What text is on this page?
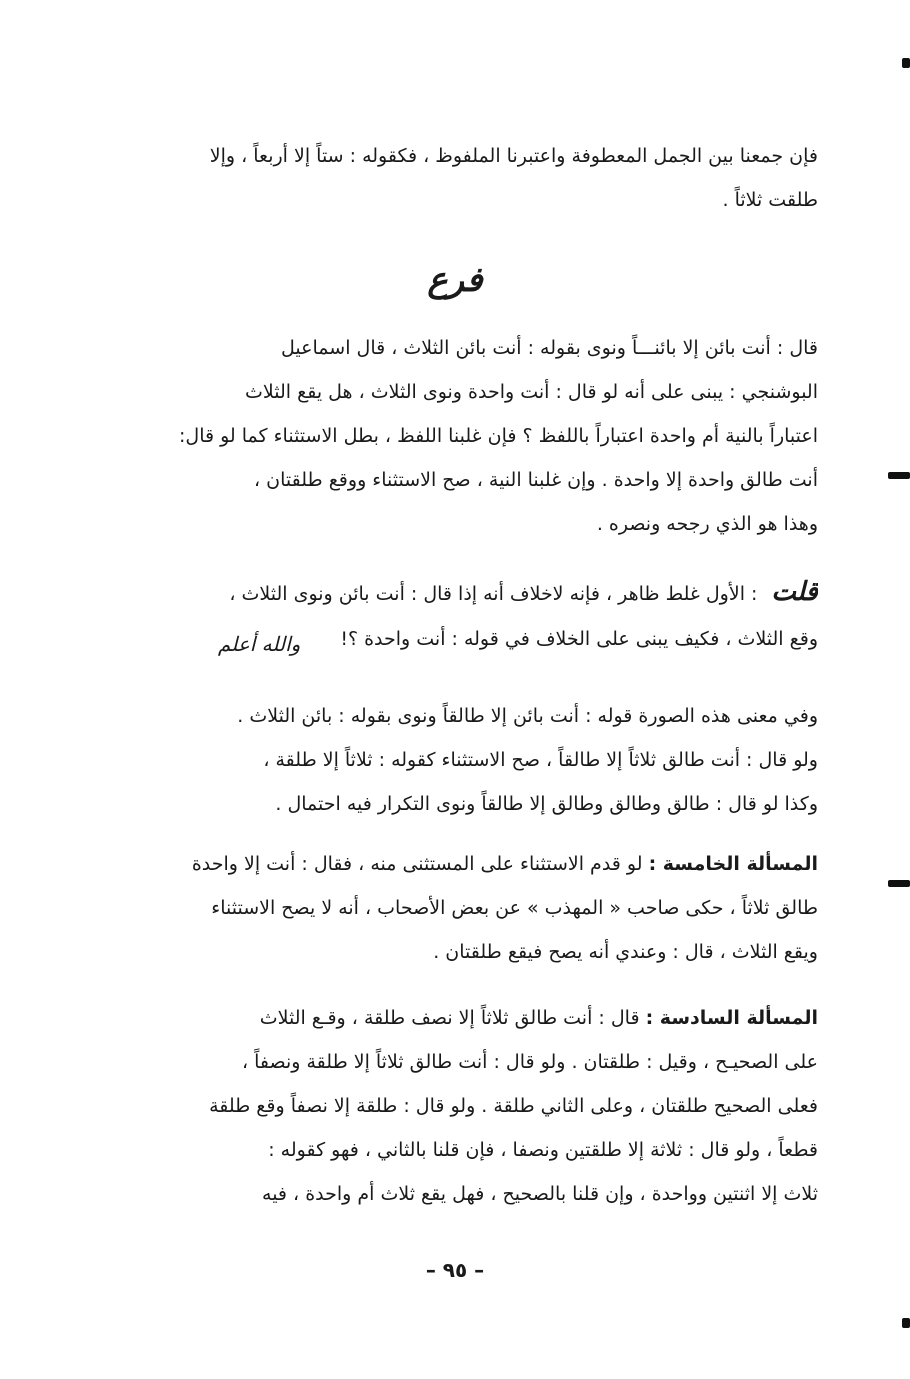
فإن جمعنا بين الجمل المعطوفة واعتبرنا الملفوظ ، فكقوله : ستاً إلا أربعاً ، وإلا
طلقت ثلاثاً .
فرع
قال : أنت بائن إلا بائنـــاً ونوى بقوله : أنت بائن الثلاث ، قال اسماعيل
البوشنجي : يبنى على أنه لو قال : أنت واحدة ونوى الثلاث ، هل يقع الثلاث
اعتباراً بالنية أم واحدة اعتباراً باللفظ ؟ فإن غلبنا اللفظ ، بطل الاستثناء كما لو قال:
أنت طالق واحدة إلا واحدة . وإن غلبنا النية ، صح الاستثناء ووقع طلقتان ،
وهذا هو الذي رجحه ونصره .
قلت: الأول غلط ظاهر ، فإنه لاخلاف أنه إذا قال : أنت بائن ونوى الثلاث ،
وقع الثلاث ، فكيف يبنى على الخلاف في قوله : أنت واحدة ؟!والله أعلم
وفي معنى هذه الصورة قوله : أنت بائن إلا طالقاً ونوى بقوله : بائن الثلاث .
ولو قال : أنت طالق ثلاثاً إلا طالقاً ، صح الاستثناء كقوله : ثلاثاً إلا طلقة ،
وكذا لو قال : طالق وطالق وطالق إلا طالقاً ونوى التكرار فيه احتمال .
المسألة الخامسة : لو قدم الاستثناء على المستثنى منه ، فقال : أنت إلا واحدة
طالق ثلاثاً ، حكى صاحب « المهذب » عن بعض الأصحاب ، أنه لا يصح الاستثناء
ويقع الثلاث ، قال : وعندي أنه يصح فيقع طلقتان .
المسألة السادسة : قال : أنت طالق ثلاثاً إلا نصف طلقة ، وقـع الثلاث
على الصحيـح ، وقيل : طلقتان . ولو قال : أنت طالق ثلاثاً إلا طلقة ونصفاً ،
فعلى الصحيح طلقتان ، وعلى الثاني طلقة . ولو قال : طلقة إلا نصفاً وقع طلقة
قطعاً ، ولو قال : ثلاثة إلا طلقتين ونصفا ، فإن قلنا بالثاني ، فهو كقوله :
ثلاث إلا اثنتين وواحدة ، وإن قلنا بالصحيح ، فهل يقع ثلاث أم واحدة ، فيه
– ٩٥ –
